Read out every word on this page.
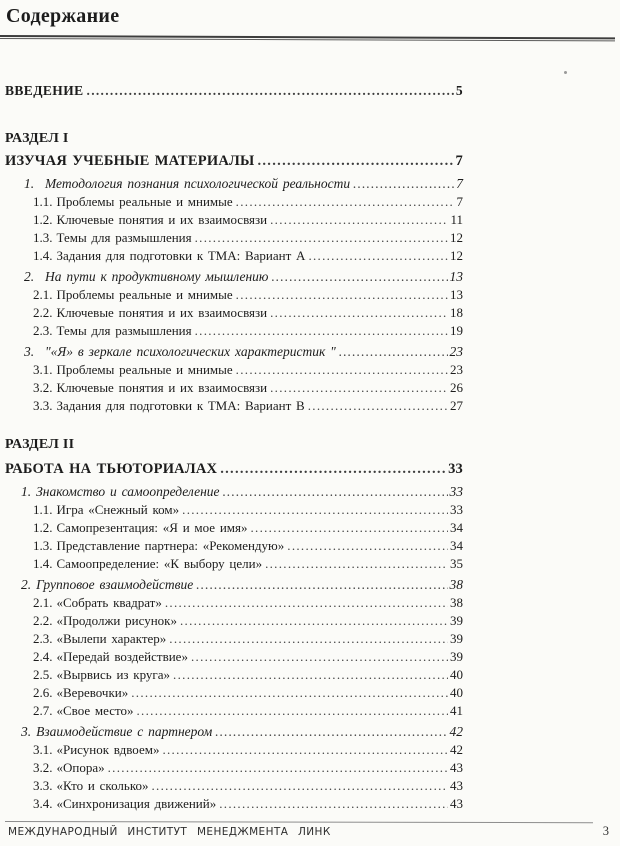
Содержание
ВВЕДЕНИЕ .....	5
РАЗДЕЛ I
ИЗУЧАЯ УЧЕБНЫЕ МАТЕРИАЛЫ .....	7
1. Методология познания психологической реальности .....	7
1.1. Проблемы реальные и мнимые .....	7
1.2. Ключевые понятия и их взаимосвязи .....	11
1.3. Темы для размышления .....	12
1.4. Задания для подготовки к ТМА: Вариант А .....	12
2. На пути к продуктивному мышлению .....	13
2.1. Проблемы реальные и мнимые .....	13
2.2. Ключевые понятия и их взаимосвязи .....	18
2.3. Темы для размышления .....	19
3. "«Я» в зеркале психологических характеристик " .....	23
3.1. Проблемы реальные и мнимые .....	23
3.2. Ключевые понятия и их взаимосвязи .....	26
3.3. Задания для подготовки к ТМА: Вариант В .....	27
РАЗДЕЛ II
РАБОТА НА ТЬЮТОРИАЛАХ .....	33
1. Знакомство и самоопределение .....	33
1.1. Игра «Снежный ком» .....	33
1.2. Самопрезентация: «Я и мое имя» .....	34
1.3. Представление партнера: «Рекомендую» .....	34
1.4. Самоопределение: «К выбору цели» .....	35
2. Групповое взаимодействие .....	38
2.1. «Собрать квадрат» .....	38
2.2. «Продолжи рисунок» .....	39
2.3. «Вылепи характер» .....	39
2.4. «Передай воздействие» .....	39
2.5. «Вырвись из круга» .....	40
2.6. «Веревочки» .....	40
2.7. «Свое место» .....	41
3. Взаимодействие с партнером .....	42
3.1. «Рисунок вдвоем» .....	42
3.2. «Опора» .....	43
3.3. «Кто и сколько» .....	43
3.4. «Синхронизация движений» .....	43
МЕЖДУНАРОДНЫЙ ИНСТИТУТ МЕНЕДЖМЕНТА ЛИНК	3
